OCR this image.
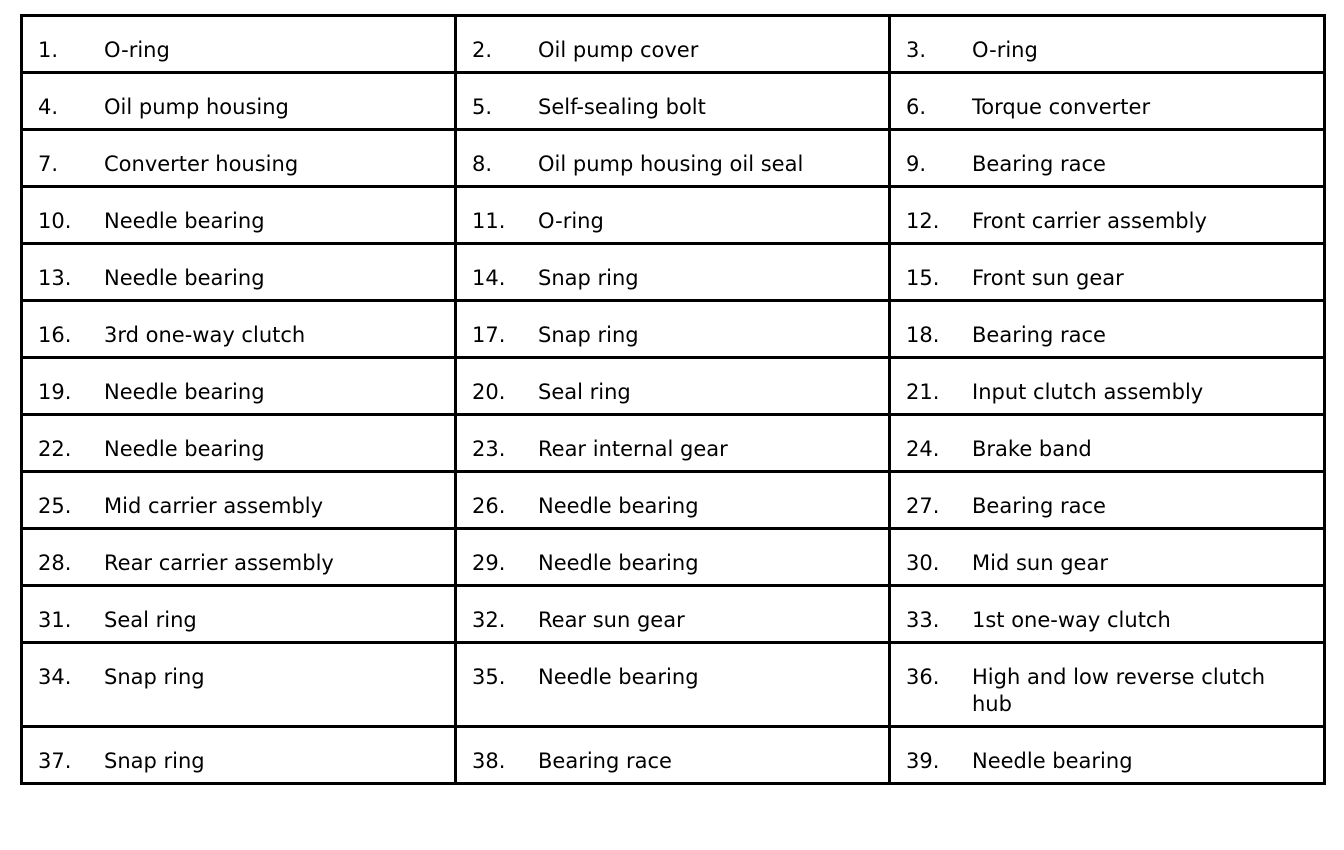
1. O-ring	2. Oil pump cover	3. O-ring

4. Oil pump housing	5. Self-sealing bolt	6. Torque converter

7. Converter housing	8. Oil pump housing oil seal	9. Bearing race

10. Needle bearing	11. O-ring	12. Front carrier assembly

13. Needle bearing	14. Snap ring	15. Front sun gear

16. 3rd one-way clutch	17. Snap ring	18. Bearing race

19. Needle bearing	20. Seal ring	21. Input clutch assembly

22. Needle bearing	23. Rear internal gear	24. Brake band

25. Mid carrier assembly	26. Needle bearing	27. Bearing race

28. Rear carrier assembly	29. Needle bearing	30. Mid sun gear

31. Seal ring	32. Rear sun gear	33. 1st one-way clutch

34. Snap ring	35. Needle bearing	36. High and low reverse clutch hub

37. Snap ring	38. Bearing race	39. Needle bearing
